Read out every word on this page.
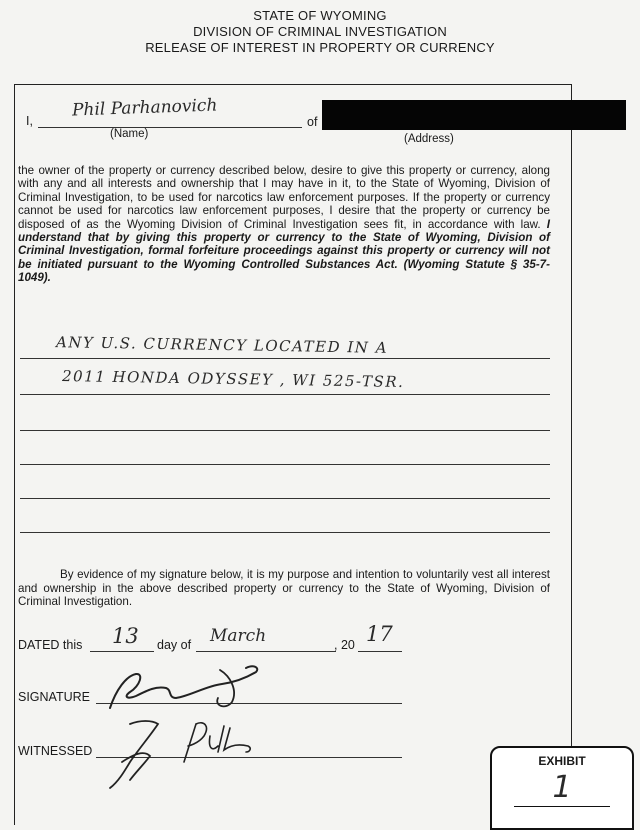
STATE OF WYOMING
DIVISION OF CRIMINAL INVESTIGATION
RELEASE OF INTEREST IN PROPERTY OR CURRENCY
I,
Phil Parhanovich
(Name)
of
(Address)
the owner of the property or currency described below, desire to give this property or currency, along with any and all interests and ownership that I may have in it, to the State of Wyoming, Division of Criminal Investigation, to be used for narcotics law enforcement purposes. If the property or currency cannot be used for narcotics law enforcement purposes, I desire that the property or currency be disposed of as the Wyoming Division of Criminal Investigation sees fit, in accordance with law. I understand that by giving this property or currency to the State of Wyoming, Division of Criminal Investigation, formal forfeiture proceedings against this property or currency will not be initiated pursuant to the Wyoming Controlled Substances Act. (Wyoming Statute § 35-7-1049).
ANY U.S. CURRENCY LOCATED IN A
2011 HONDA ODYSSEY , WI 525-TSR.
By evidence of my signature below, it is my purpose and intention to voluntarily vest all interest and ownership in the above described property or currency to the State of Wyoming, Division of Criminal Investigation.
DATED this 13 day of March	, 20 17
SIGNATURE
WITNESSED
EXHIBIT
1
